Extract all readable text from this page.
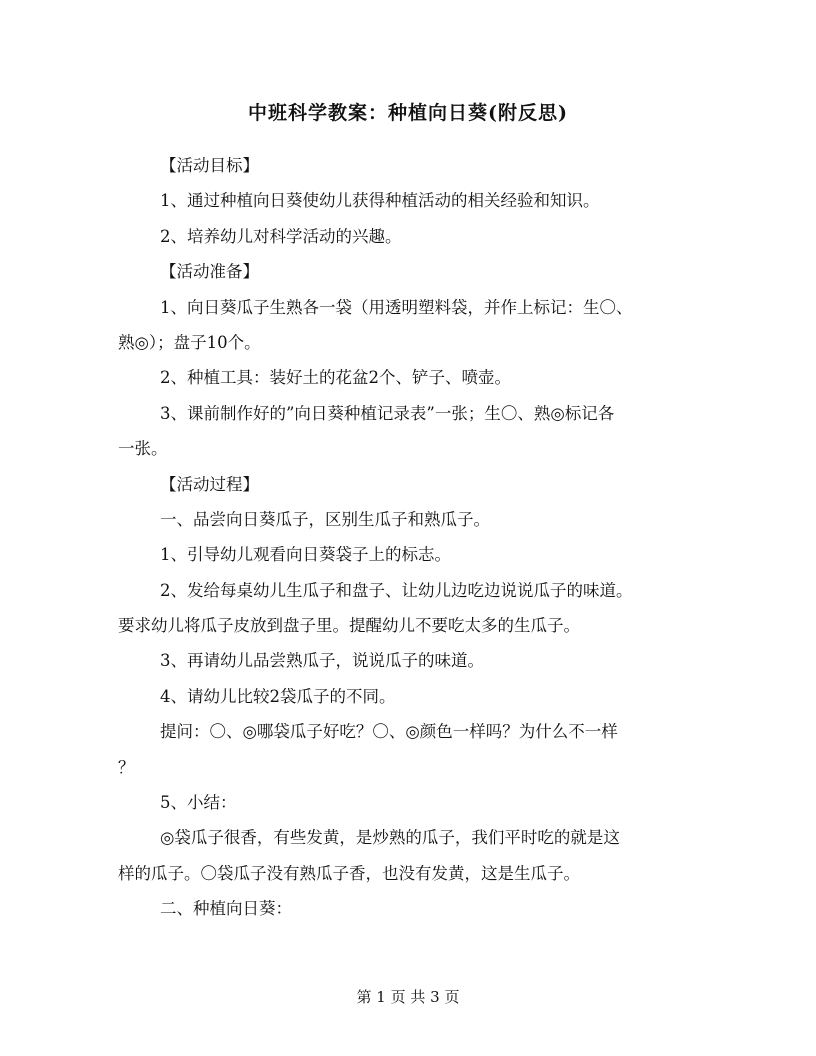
中班科学教案：种植向日葵(附反思)
【活动目标】
1、通过种植向日葵使幼儿获得种植活动的相关经验和知识。
2、培养幼儿对科学活动的兴趣。
【活动准备】
1、向日葵瓜子生熟各一袋（用透明塑料袋，并作上标记：生〇、
熟◎）；盘子10个。
2、种植工具：装好土的花盆2个、铲子、喷壶。
3、课前制作好的”向日葵种植记录表”一张；生〇、熟◎标记各
一张。
【活动过程】
一、品尝向日葵瓜子，区别生瓜子和熟瓜子。
1、引导幼儿观看向日葵袋子上的标志。
2、发给每桌幼儿生瓜子和盘子、让幼儿边吃边说说瓜子的味道。
要求幼儿将瓜子皮放到盘子里。提醒幼儿不要吃太多的生瓜子。
3、再请幼儿品尝熟瓜子，说说瓜子的味道。
4、请幼儿比较2袋瓜子的不同。
提问：〇、◎哪袋瓜子好吃？〇、◎颜色一样吗？为什么不一样
？
5、小结：
◎袋瓜子很香，有些发黄，是炒熟的瓜子，我们平时吃的就是这
样的瓜子。〇袋瓜子没有熟瓜子香，也没有发黄，这是生瓜子。
二、种植向日葵：
第 1 页 共 3 页
